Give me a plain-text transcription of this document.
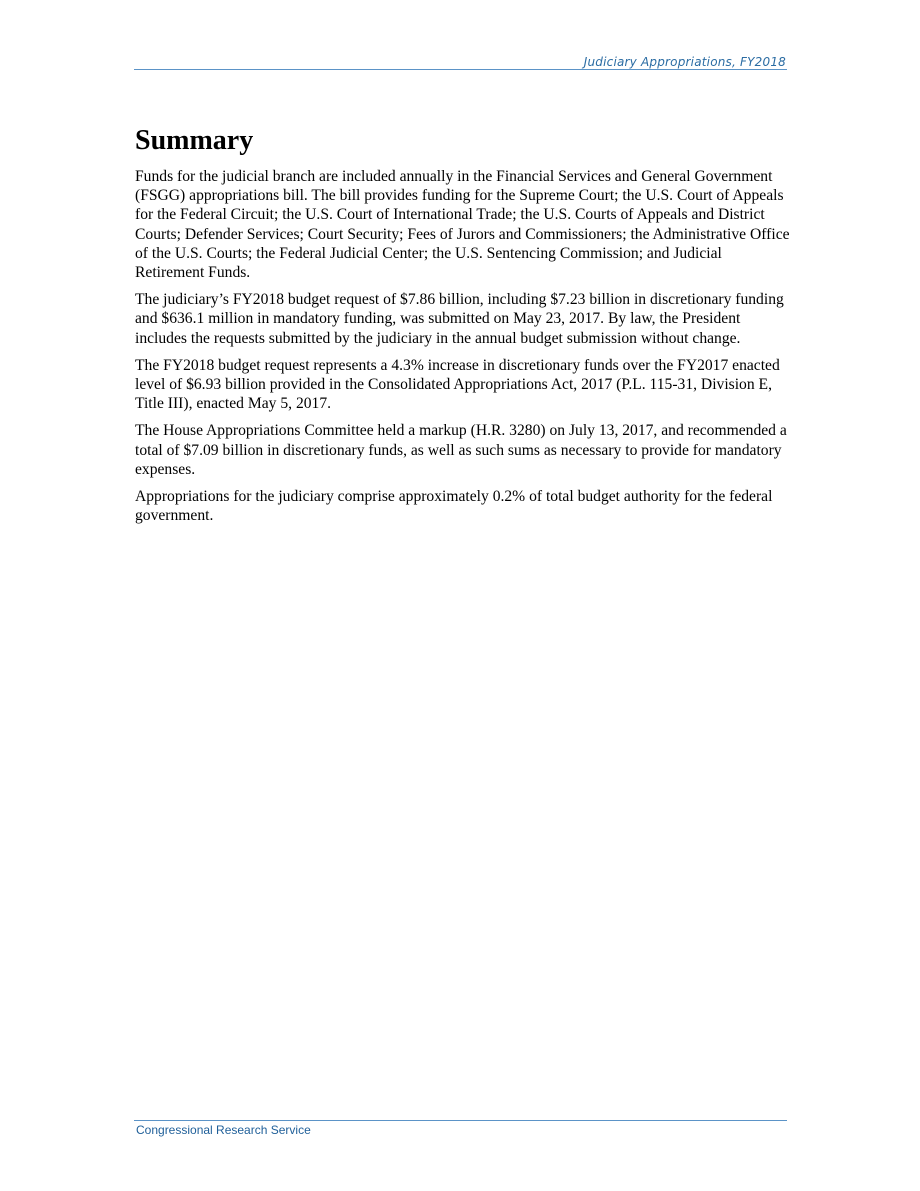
Judiciary Appropriations, FY2018
Summary

Funds for the judicial branch are included annually in the Financial Services and General Government (FSGG) appropriations bill. The bill provides funding for the Supreme Court; the U.S. Court of Appeals for the Federal Circuit; the U.S. Court of International Trade; the U.S. Courts of Appeals and District Courts; Defender Services; Court Security; Fees of Jurors and Commissioners; the Administrative Office of the U.S. Courts; the Federal Judicial Center; the U.S. Sentencing Commission; and Judicial Retirement Funds.

The judiciary’s FY2018 budget request of $7.86 billion, including $7.23 billion in discretionary funding and $636.1 million in mandatory funding, was submitted on May 23, 2017. By law, the President includes the requests submitted by the judiciary in the annual budget submission without change.

The FY2018 budget request represents a 4.3% increase in discretionary funds over the FY2017 enacted level of $6.93 billion provided in the Consolidated Appropriations Act, 2017 (P.L. 115-31, Division E, Title III), enacted May 5, 2017.

The House Appropriations Committee held a markup (H.R. 3280) on July 13, 2017, and recommended a total of $7.09 billion in discretionary funds, as well as such sums as necessary to provide for mandatory expenses.

Appropriations for the judiciary comprise approximately 0.2% of total budget authority for the federal government.

Congressional Research Service
